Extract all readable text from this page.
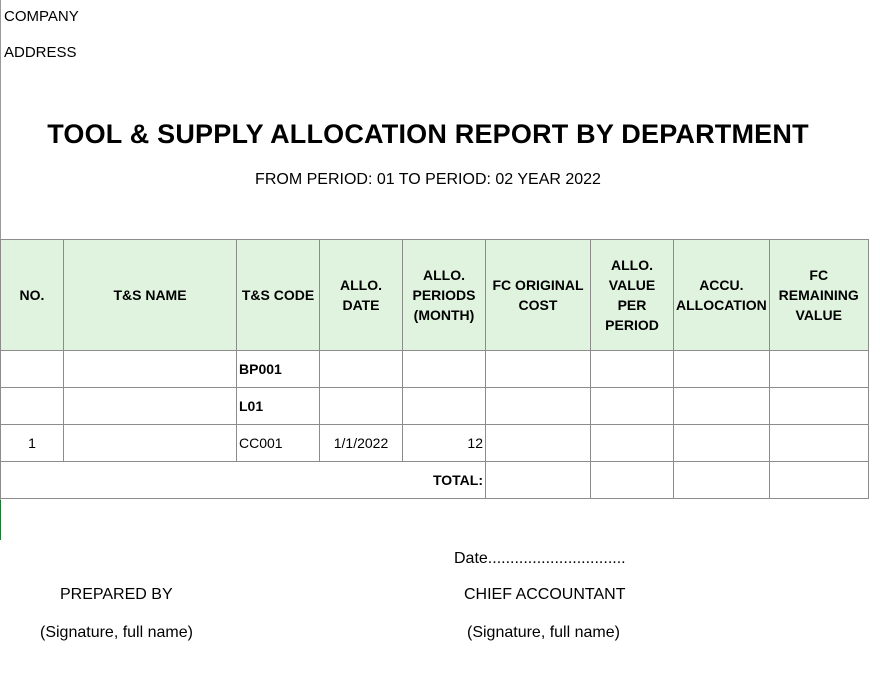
COMPANY
ADDRESS
TOOL & SUPPLY ALLOCATION REPORT BY DEPARTMENT
FROM PERIOD: 01 TO PERIOD: 02 YEAR 2022
NO.	T&S NAME	T&S CODE	ALLO. DATE	ALLO. PERIODS (MONTH)	FC ORIGINAL COST	ALLO. VALUE PER PERIOD	ACCU. ALLOCATION	FC REMAINING VALUE
		BP001						
		L01						
1		CC001	1/1/2022	12				
TOTAL:								
Date...............................
PREPARED BY	CHIEF ACCOUNTANT
(Signature, full name)	(Signature, full name)
